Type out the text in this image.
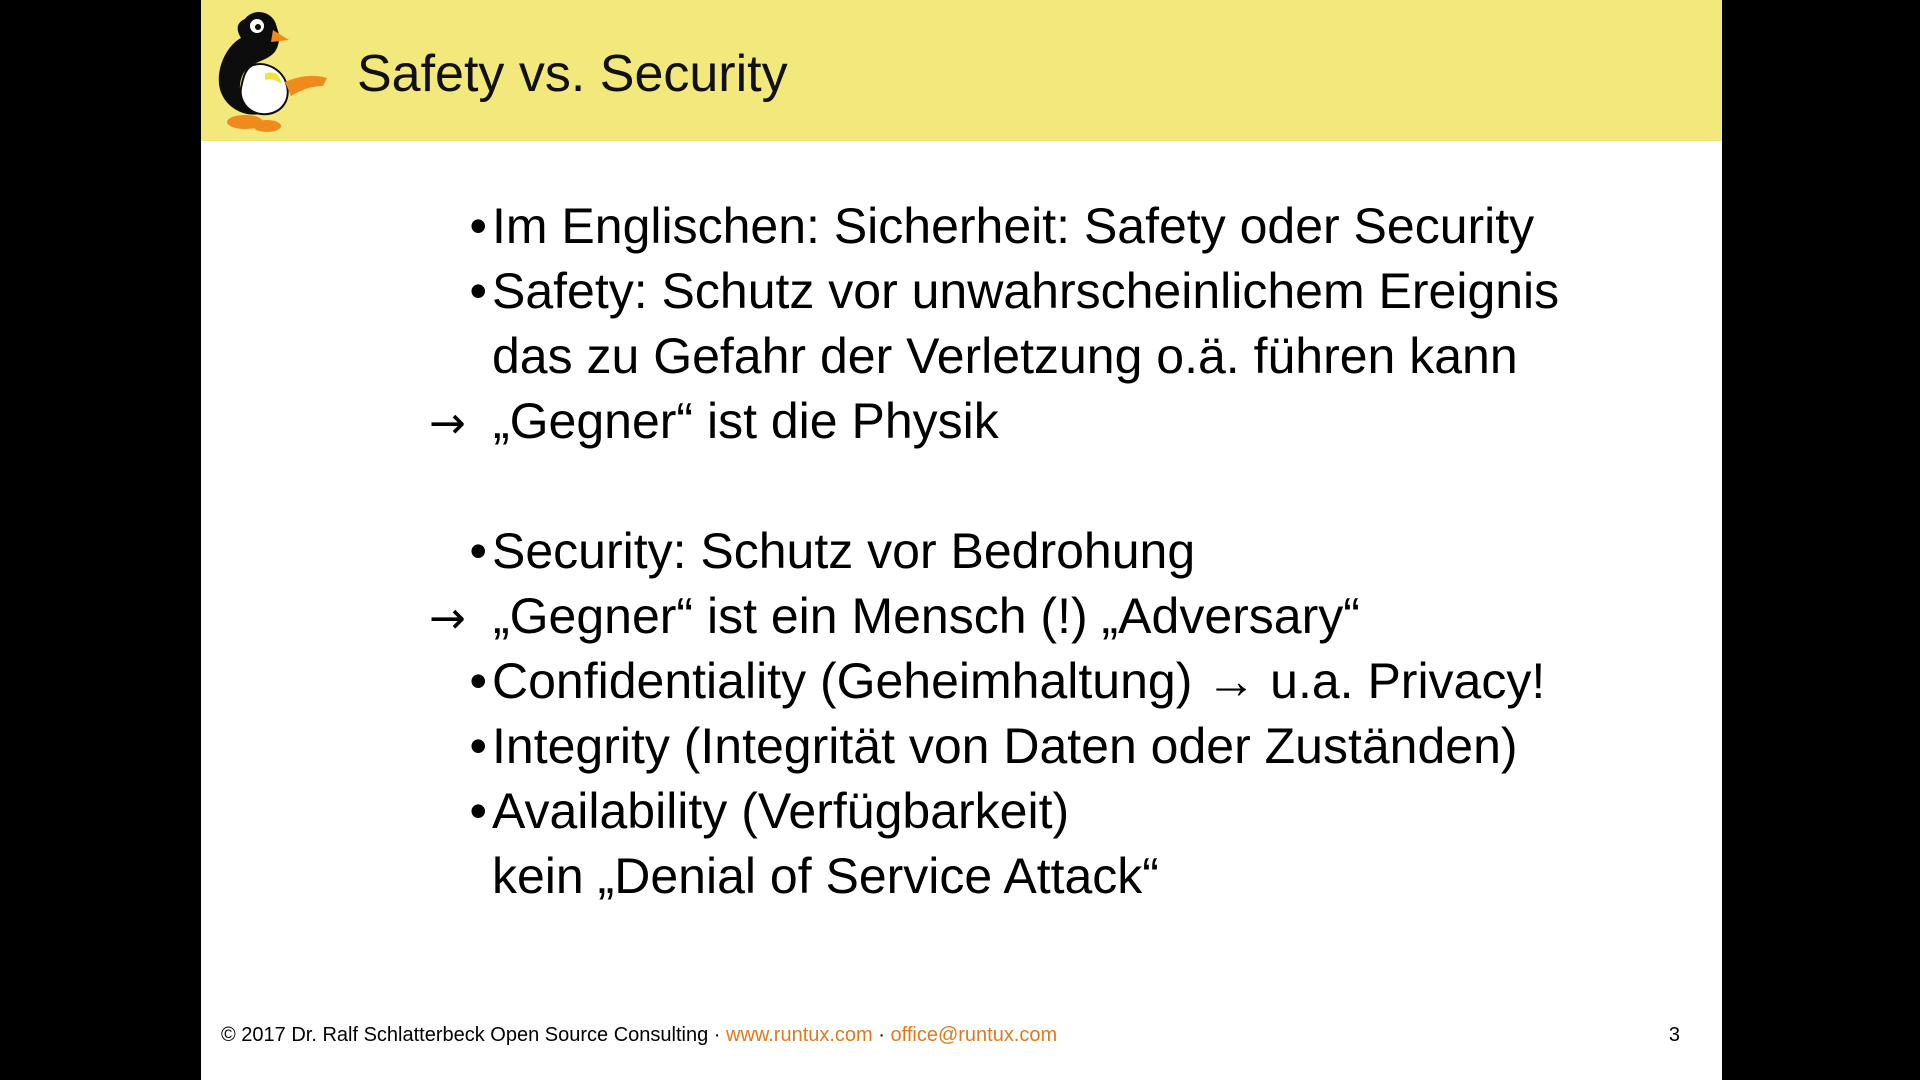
Safety vs. Security
• Im Englischen: Sicherheit: Safety oder Security
• Safety: Schutz vor unwahrscheinlichem Ereignis
das zu Gefahr der Verletzung o.ä. führen kann
→ „Gegner“ ist die Physik
• Security: Schutz vor Bedrohung
→ „Gegner“ ist ein Mensch (!) „Adversary“
• Confidentiality (Geheimhaltung) → u.a. Privacy!
• Integrity (Integrität von Daten oder Zuständen)
• Availability (Verfügbarkeit)
kein „Denial of Service Attack“
© 2017 Dr. Ralf Schlatterbeck Open Source Consulting · www.runtux.com · office@runtux.com	3
